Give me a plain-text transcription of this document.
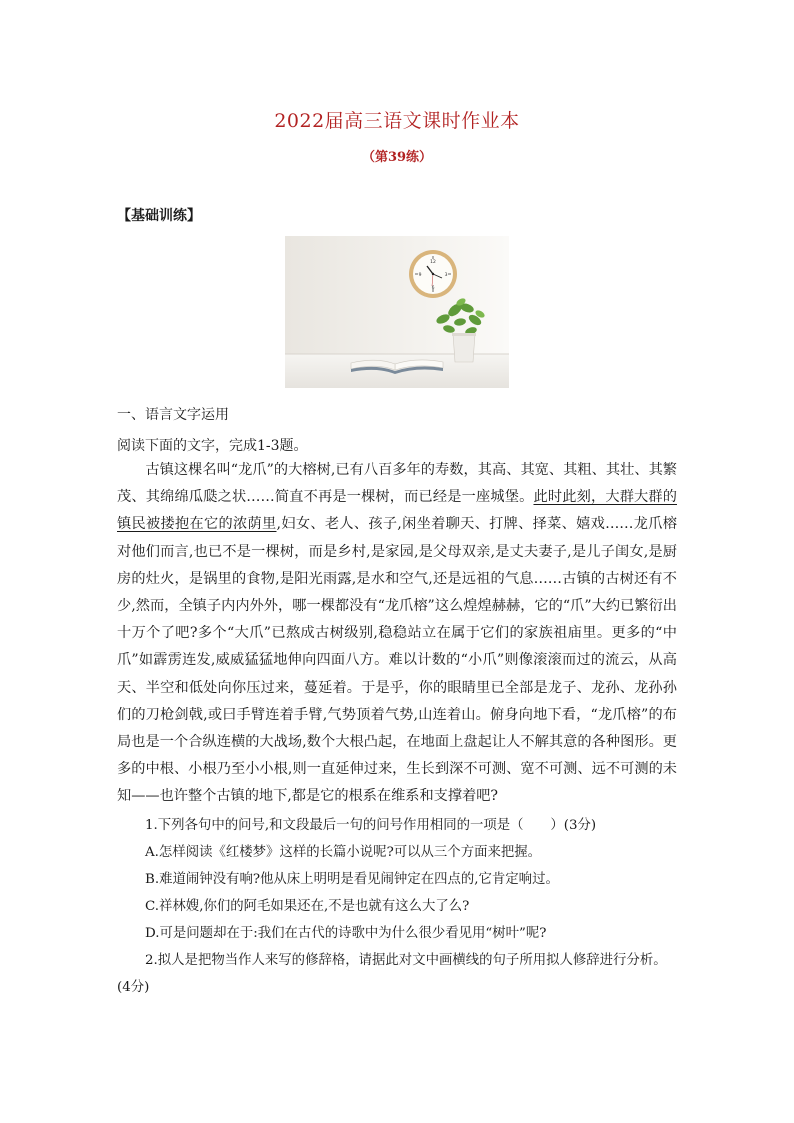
2022届高三语文课时作业本
（第39练）
【基础训练】
12
3
6
9
一、语言文字运用
阅读下面的文字，完成1-3题。

古镇这棵名叫“龙爪”的大榕树,已有八百多年的寿数，其高、其宽、其粗、其壮、其繁茂、其绵绵瓜瓞之状……简直不再是一棵树，而已经是一座城堡。此时此刻，大群大群的镇民被搂抱在它的浓荫里,妇女、老人、孩子,闲坐着聊天、打牌、择菜、嬉戏……龙爪榕对他们而言,也已不是一棵树，而是乡村,是家园,是父母双亲,是丈夫妻子,是儿子闺女,是厨房的灶火，是锅里的食物,是阳光雨露,是水和空气,还是远祖的气息……古镇的古树还有不少,然而，全镇子内内外外，哪一棵都没有“龙爪榕”这么煌煌赫赫，它的“爪”大约已繁衍出十万个了吧?多个“大爪”已熬成古树级别,稳稳站立在属于它们的家族祖庙里。更多的“中爪”如霹雳连发,威威猛猛地伸向四面八方。难以计数的“小爪”则像滚滚而过的流云，从高天、半空和低处向你压过来，蔓延着。于是乎，你的眼睛里已全部是龙子、龙孙、龙孙孙们的刀枪剑戟,或曰手臂连着手臂,气势顶着气势,山连着山。俯身向地下看，“龙爪榕”的布局也是一个合纵连横的大战场,数个大根凸起，在地面上盘起让人不解其意的各种图形。更多的中根、小根乃至小小根,则一直延伸过来，生长到深不可测、宽不可测、远不可测的未知——也许整个古镇的地下,都是它的根系在维系和支撑着吧?

1.下列各句中的问号,和文段最后一句的问号作用相同的一项是（　　）(3分)
A.怎样阅读《红楼梦》这样的长篇小说呢?可以从三个方面来把握。
B.难道闹钟没有响?他从床上明明是看见闹钟定在四点的,它肯定响过。
C.祥林嫂,你们的阿毛如果还在,不是也就有这么大了么?
D.可是问题却在于:我们在古代的诗歌中为什么很少看见用“树叶”呢?
2.拟人是把物当作人来写的修辞格，请据此对文中画横线的句子所用拟人修辞进行分析。
(4分)
